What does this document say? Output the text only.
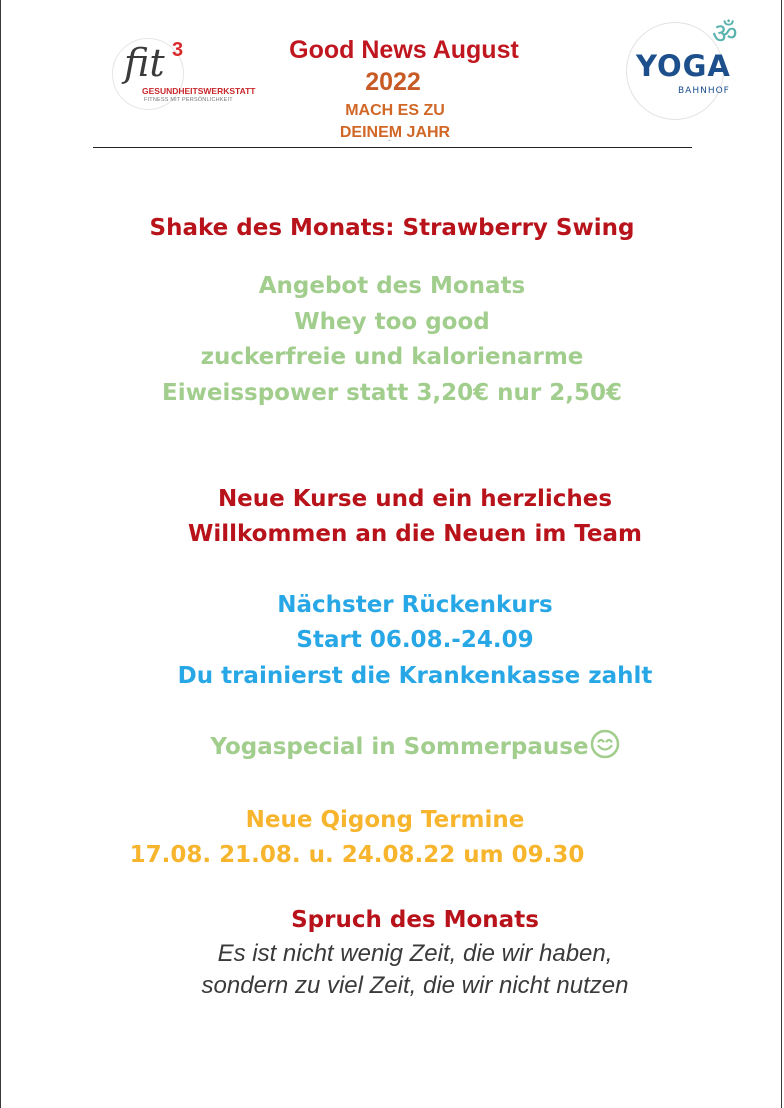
fit 3
GESUNDHEITSWERKSTATT
FITNESS MIT PERSÖNLICHKEIT
Good News August
2022
MACH ES ZU
DEINEM JAHR
˜
ॐ
YOGA
BAHNHOF
Shake des Monats: Strawberry Swing
Angebot des Monats
Whey too good
zuckerfreie und kalorienarme
Eiweisspower statt 3,20€ nur 2,50€
Neue Kurse und ein herzliches
Willkommen an die Neuen im Team
Nächster Rückenkurs
Start 06.08.-24.09
Du trainierst die Krankenkasse zahlt
Yogaspecial in Sommerpause
Neue Qigong Termine
17.08. 21.08. u. 24.08.22 um 09.30
Spruch des Monats
Es ist nicht wenig Zeit, die wir haben,
sondern zu viel Zeit, die wir nicht nutzen
